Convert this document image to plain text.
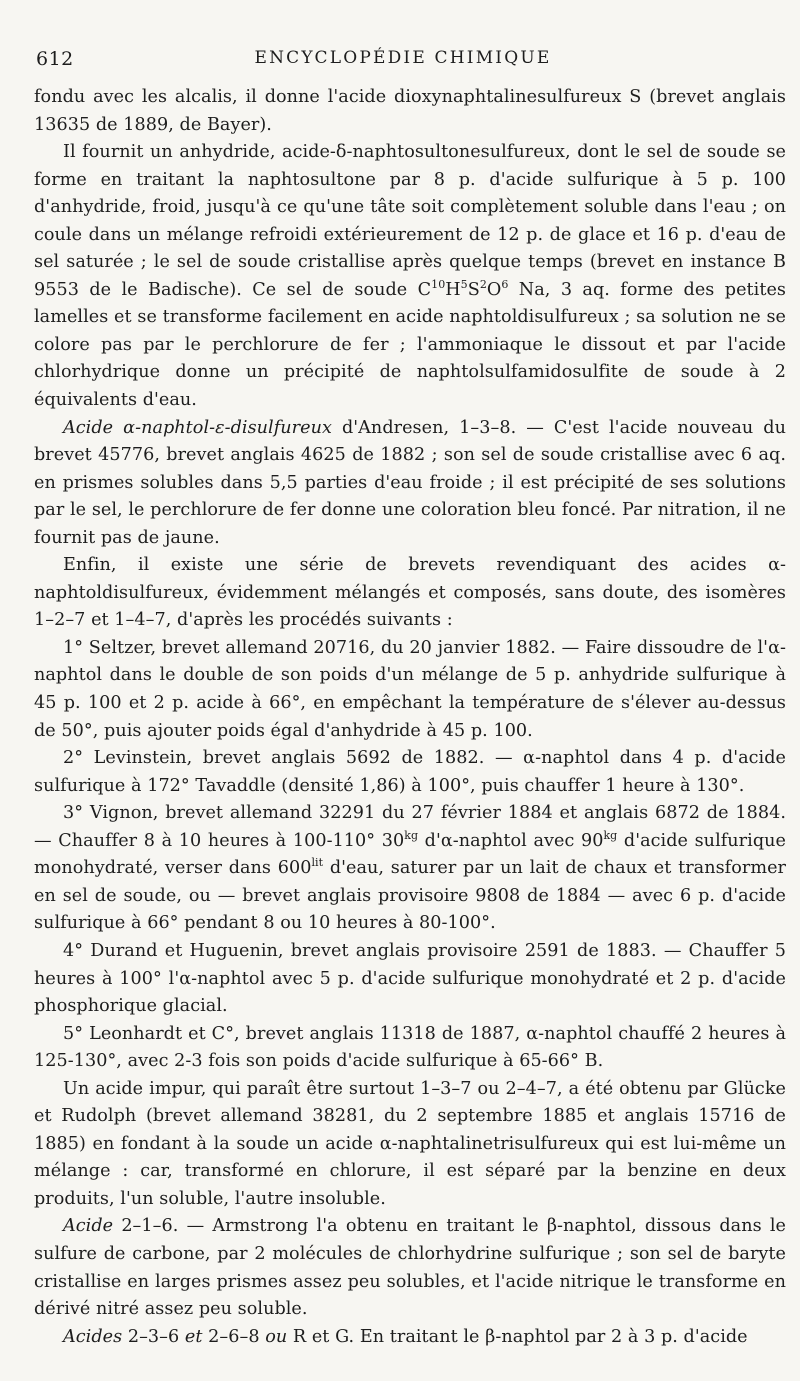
612	ENCYCLOPÉDIE CHIMIQUE

fondu avec les alcalis, il donne l'acide dioxynaphtalinesulfureux S (brevet anglais 13635 de 1889, de Bayer).

Il fournit un anhydride, acide-δ-naphtosultonesulfureux, dont le sel de soude se forme en traitant la naphtosultone par 8 p. d'acide sulfurique à 5 p. 100 d'anhydride, froid, jusqu'à ce qu'une tâte soit complètement soluble dans l'eau ; on coule dans un mélange refroidi extérieurement de 12 p. de glace et 16 p. d'eau de sel saturée ; le sel de soude cristallise après quelque temps (brevet en instance B 9553 de le Badische). Ce sel de soude $C^{10}H^5S^2O^6$ Na, 3 aq. forme des petites lamelles et se transforme facilement en acide naphtoldisulfureux ; sa solution ne se colore pas par le perchlorure de fer ; l'ammoniaque le dissout et par l'acide chlorhydrique donne un précipité de naphtolsulfamidosulfite de soude à 2 équivalents d'eau.

Acide α-naphtol-ε-disulfureux d'Andresen, 1–3–8. — C'est l'acide nouveau du brevet 45776, brevet anglais 4625 de 1882 ; son sel de soude cristallise avec 6 aq. en prismes solubles dans 5,5 parties d'eau froide ; il est précipité de ses solutions par le sel, le perchlorure de fer donne une coloration bleu foncé. Par nitration, il ne fournit pas de jaune.

Enfin, il existe une série de brevets revendiquant des acides α-naphtoldisulfureux, évidemment mélangés et composés, sans doute, des isomères 1–2–7 et 1–4–7, d'après les procédés suivants :

1° Seltzer, brevet allemand 20716, du 20 janvier 1882. — Faire dissoudre de l'α-naphtol dans le double de son poids d'un mélange de 5 p. anhydride sulfurique à 45 p. 100 et 2 p. acide à 66°, en empêchant la température de s'élever au-dessus de 50°, puis ajouter poids égal d'anhydride à 45 p. 100.

2° Levinstein, brevet anglais 5692 de 1882. — α-naphtol dans 4 p. d'acide sulfurique à 172° Tavaddle (densité 1,86) à 100°, puis chauffer 1 heure à 130°.

3° Vignon, brevet allemand 32291 du 27 février 1884 et anglais 6872 de 1884. — Chauffer 8 à 10 heures à 100-110° $30^{kg}$ d'α-naphtol avec $90^{kg}$ d'acide sulfurique monohydraté, verser dans $600^{lit}$ d'eau, saturer par un lait de chaux et transformer en sel de soude, ou — brevet anglais provisoire 9808 de 1884 — avec 6 p. d'acide sulfurique à 66° pendant 8 ou 10 heures à 80-100°.

4° Durand et Huguenin, brevet anglais provisoire 2591 de 1883. — Chauffer 5 heures à 100° l'α-naphtol avec 5 p. d'acide sulfurique monohydraté et 2 p. d'acide phosphorique glacial.

5° Leonhardt et C°, brevet anglais 11318 de 1887, α-naphtol chauffé 2 heures à 125-130°, avec 2-3 fois son poids d'acide sulfurique à 65-66° B.

Un acide impur, qui paraît être surtout 1–3–7 ou 2–4–7, a été obtenu par Glücke et Rudolph (brevet allemand 38281, du 2 septembre 1885 et anglais 15716 de 1885) en fondant à la soude un acide α-naphtalinetrisulfureux qui est lui-même un mélange : car, transformé en chlorure, il est séparé par la benzine en deux produits, l'un soluble, l'autre insoluble.

Acide 2–1–6. — Armstrong l'a obtenu en traitant le β-naphtol, dissous dans le sulfure de carbone, par 2 molécules de chlorhydrine sulfurique ; son sel de baryte cristallise en larges prismes assez peu solubles, et l'acide nitrique le transforme en dérivé nitré assez peu soluble.

Acides 2–3–6 et 2–6–8 ou R et G. En traitant le β-naphtol par 2 à 3 p. d'acide
